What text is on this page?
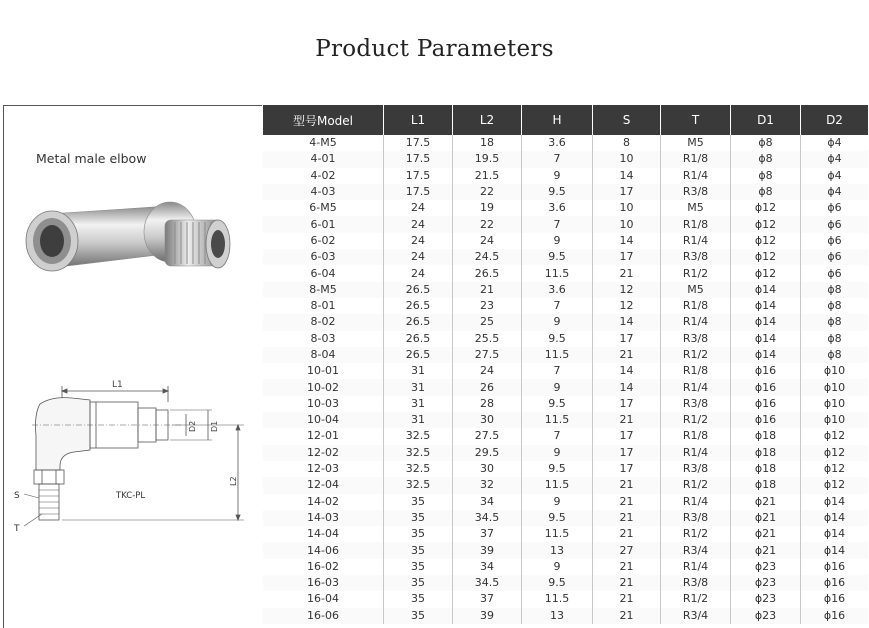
Product Parameters
Metal male elbow
L1
D1
D2
L2
S
T
TKC-PL
型号Model	L1	L2	H	S	T	D1	D2
4-M5	17.5	18	3.6	8	M5	ϕ8	ϕ4
4-01	17.5	19.5	7	10	R1/8	ϕ8	ϕ4
4-02	17.5	21.5	9	14	R1/4	ϕ8	ϕ4
4-03	17.5	22	9.5	17	R3/8	ϕ8	ϕ4
6-M5	24	19	3.6	10	M5	ϕ12	ϕ6
6-01	24	22	7	10	R1/8	ϕ12	ϕ6
6-02	24	24	9	14	R1/4	ϕ12	ϕ6
6-03	24	24.5	9.5	17	R3/8	ϕ12	ϕ6
6-04	24	26.5	11.5	21	R1/2	ϕ12	ϕ6
8-M5	26.5	21	3.6	12	M5	ϕ14	ϕ8
8-01	26.5	23	7	12	R1/8	ϕ14	ϕ8
8-02	26.5	25	9	14	R1/4	ϕ14	ϕ8
8-03	26.5	25.5	9.5	17	R3/8	ϕ14	ϕ8
8-04	26.5	27.5	11.5	21	R1/2	ϕ14	ϕ8
10-01	31	24	7	14	R1/8	ϕ16	ϕ10
10-02	31	26	9	14	R1/4	ϕ16	ϕ10
10-03	31	28	9.5	17	R3/8	ϕ16	ϕ10
10-04	31	30	11.5	21	R1/2	ϕ16	ϕ10
12-01	32.5	27.5	7	17	R1/8	ϕ18	ϕ12
12-02	32.5	29.5	9	17	R1/4	ϕ18	ϕ12
12-03	32.5	30	9.5	17	R3/8	ϕ18	ϕ12
12-04	32.5	32	11.5	21	R1/2	ϕ18	ϕ12
14-02	35	34	9	21	R1/4	ϕ21	ϕ14
14-03	35	34.5	9.5	21	R3/8	ϕ21	ϕ14
14-04	35	37	11.5	21	R1/2	ϕ21	ϕ14
14-06	35	39	13	27	R3/4	ϕ21	ϕ14
16-02	35	34	9	21	R1/4	ϕ23	ϕ16
16-03	35	34.5	9.5	21	R3/8	ϕ23	ϕ16
16-04	35	37	11.5	21	R1/2	ϕ23	ϕ16
16-06	35	39	13	21	R3/4	ϕ23	ϕ16
